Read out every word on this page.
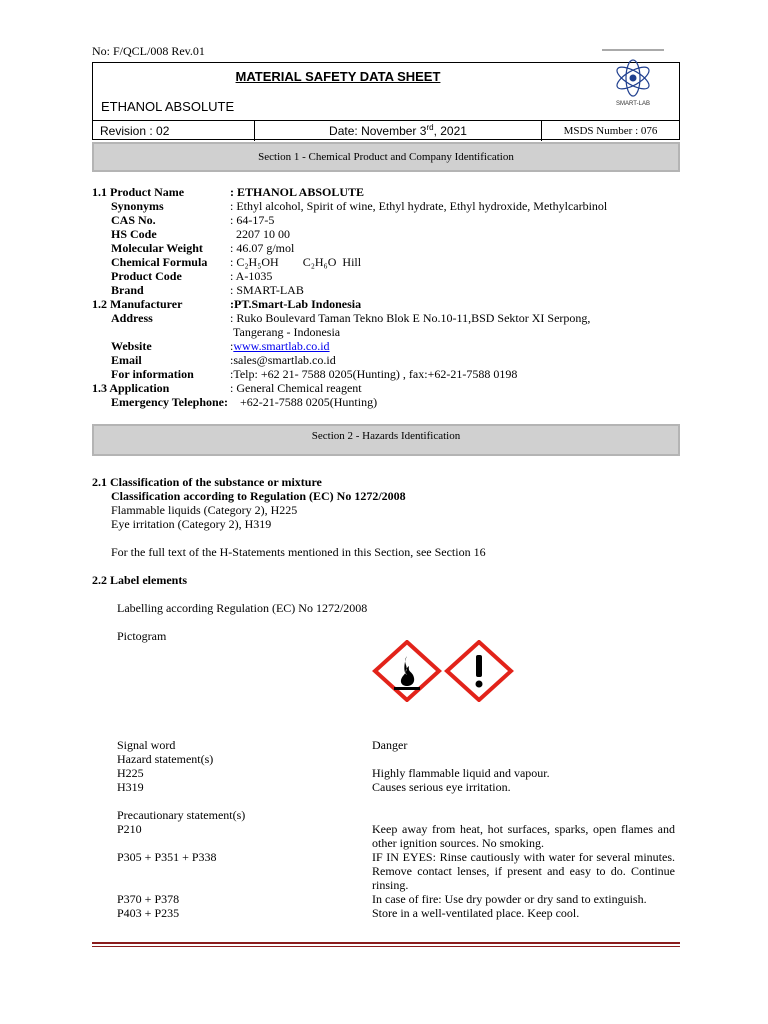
No: F/QCL/008 Rev.01
MATERIAL SAFETY DATA SHEET
ETHANOL ABSOLUTE
Revision : 02	Date: November 3rd, 2021	MSDS Number : 076
SMART-LAB
Section 1 - Chemical Product and Company Identification
1.1 Product Name	: ETHANOL ABSOLUTE
Synonyms	: Ethyl alcohol, Spirit of wine, Ethyl hydrate, Ethyl hydroxide, Methylcarbinol
CAS No.	: 64-17-5
HS Code	2207 10 00
Molecular Weight : 46.07 g/mol
Chemical Formula : C₂H₅OH        C₂H₆O  Hill
Product Code	: A-1035
Brand	: SMART-LAB
1.2 Manufacturer	:PT.Smart-Lab Indonesia
Address	: Ruko Boulevard Taman Tekno Blok E No.10-11,BSD Sektor XI Serpong,
Tangerang - Indonesia
Website	:www.smartlab.co.id
Email	:sales@smartlab.co.id
For information	:Telp: +62 21- 7588 0205(Hunting) , fax:+62-21-7588 0198
1.3 Application	: General Chemical reagent
Emergency Telephone: +62-21-7588 0205(Hunting)
Section 2 - Hazards Identification
2.1 Classification of the substance or mixture
Classification according to Regulation (EC) No 1272/2008
Flammable liquids (Category 2), H225
Eye irritation (Category 2), H319
For the full text of the H-Statements mentioned in this Section, see Section 16
2.2 Label elements
Labelling according Regulation (EC) No 1272/2008
Pictogram
Signal word	Danger
Hazard statement(s)
H225	Highly flammable liquid and vapour.
H319	Causes serious eye irritation.
Precautionary statement(s)
P210	Keep away from heat, hot surfaces, sparks, open flames and other ignition sources. No smoking.
P305 + P351 + P338	IF IN EYES: Rinse cautiously with water for several minutes. Remove contact lenses, if present and easy to do. Continue rinsing.
P370 + P378	In case of fire: Use dry powder or dry sand to extinguish.
P403 + P235	Store in a well-ventilated place. Keep cool.
